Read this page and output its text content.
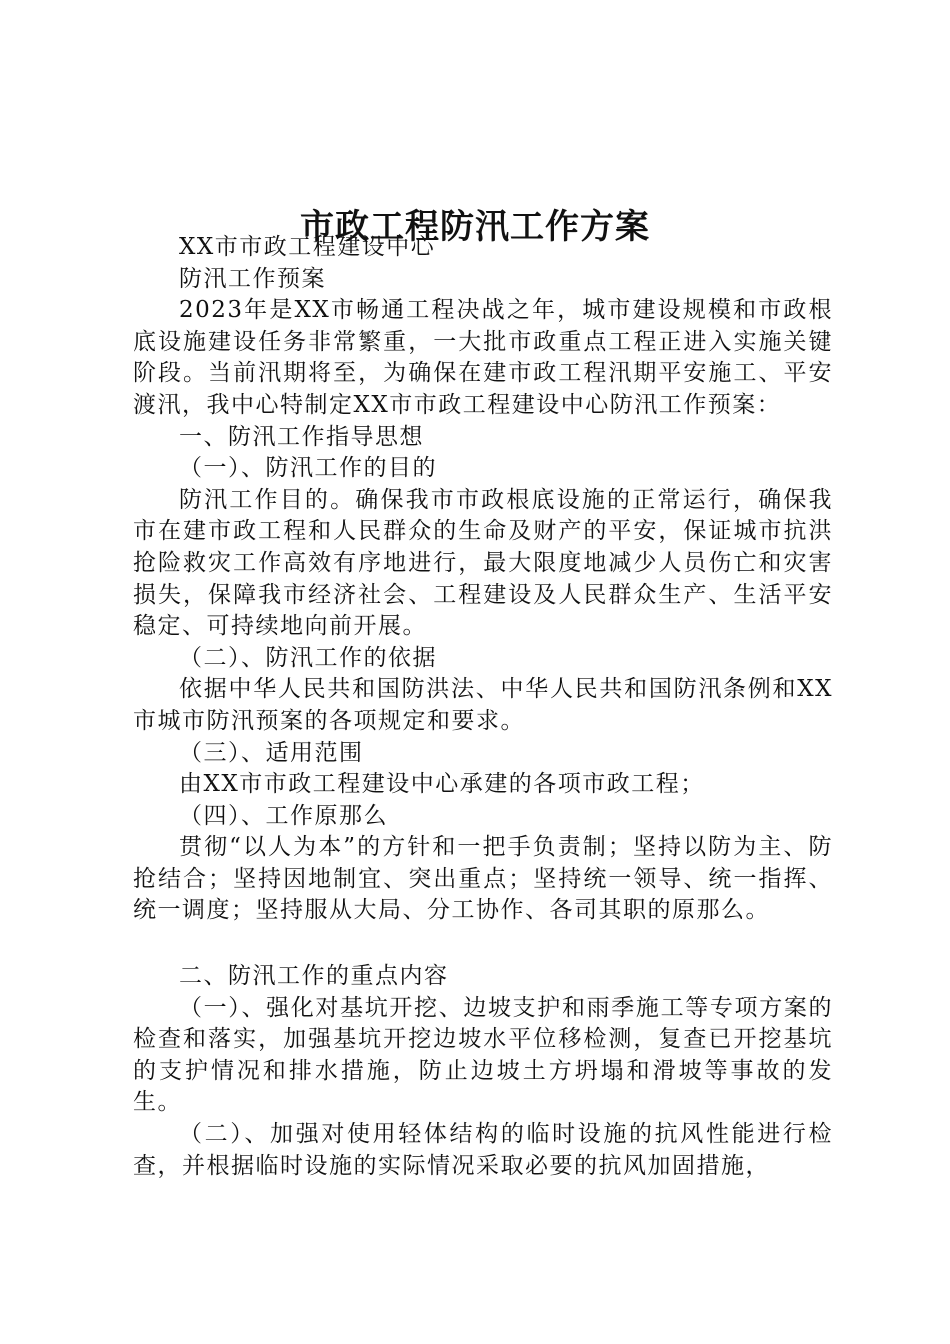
市政工程防汛工作方案

XX市市政工程建设中心

防汛工作预案

2023年是XX市畅通工程决战之年，城市建设规模和市政根底设施建设任务非常繁重，一大批市政重点工程正进入实施关键阶段。当前汛期将至，为确保在建市政工程汛期平安施工、平安渡汛，我中心特制定XX市市政工程建设中心防汛工作预案：

一、防汛工作指导思想

（一）、防汛工作的目的

防汛工作目的。确保我市市政根底设施的正常运行，确保我市在建市政工程和人民群众的生命及财产的平安，保证城市抗洪抢险救灾工作高效有序地进行，最大限度地减少人员伤亡和灾害损失，保障我市经济社会、工程建设及人民群众生产、生活平安稳定、可持续地向前开展。

（二）、防汛工作的依据

依据中华人民共和国防洪法、中华人民共和国防汛条例和XX市城市防汛预案的各项规定和要求。

（三）、适用范围

由XX市市政工程建设中心承建的各项市政工程；

（四）、工作原那么

贯彻“以人为本”的方针和一把手负责制；坚持以防为主、防抢结合；坚持因地制宜、突出重点；坚持统一领导、统一指挥、统一调度；坚持服从大局、分工协作、各司其职的原那么。

二、防汛工作的重点内容

（一）、强化对基坑开挖、边坡支护和雨季施工等专项方案的检查和落实，加强基坑开挖边坡水平位移检测，复查已开挖基坑的支护情况和排水措施，防止边坡土方坍塌和滑坡等事故的发生。

（二）、加强对使用轻体结构的临时设施的抗风性能进行检查，并根据临时设施的实际情况采取必要的抗风加固措施，
